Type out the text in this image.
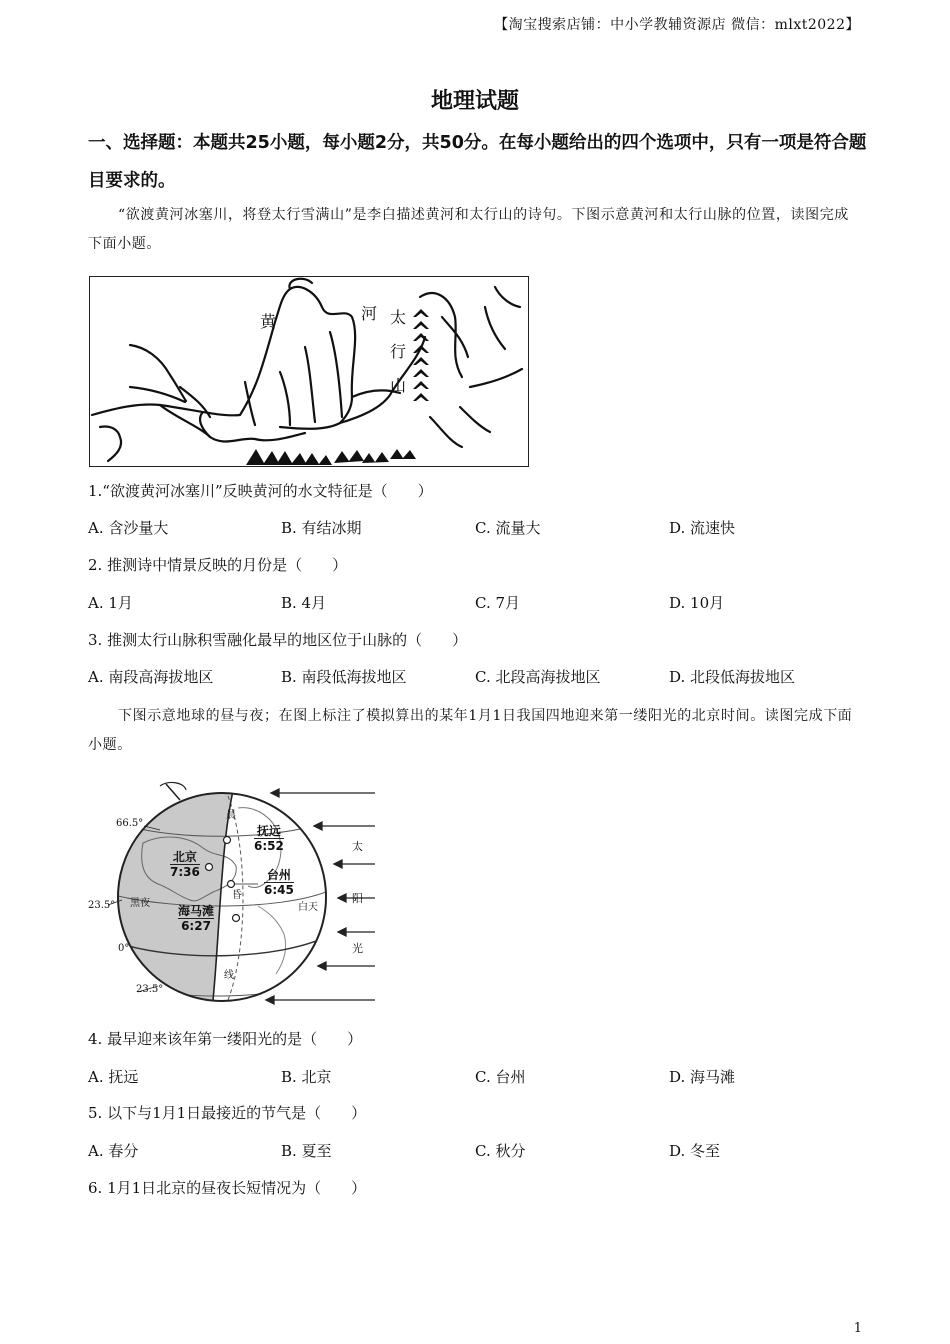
【淘宝搜索店铺：中小学教辅资源店 微信：mlxt2022】
地理试题
一、选择题：本题共25小题，每小题2分，共50分。在每小题给出的四个选项中，只有一项是符合题目要求的。
“欲渡黄河冰塞川，将登太行雪满山”是李白描述黄河和太行山的诗句。下图示意黄河和太行山脉的位置，读图完成下面小题。
黄	河 太
行
山
1.“欲渡黄河冰塞川”反映黄河的水文特征是（　　）
A. 含沙量大	B. 有结冰期	C. 流量大	D. 流速快
2. 推测诗中情景反映的月份是（　　）
A. 1月	B. 4月	C. 7月	D. 10月
3. 推测太行山脉积雪融化最早的地区位于山脉的（　　）
A. 南段高海拔地区	B. 南段低海拔地区	C. 北段高海拔地区	D. 北段低海拔地区
下图示意地球的昼与夜；在图上标注了模拟算出的某年1月1日我国四地迎来第一缕阳光的北京时间。读图完成下面小题。
66.5°
23.5°
0°
23.5°
黑夜	白天
晨
昏
线
抚远
6:52
北京
7:36	台州
6:45
海马滩
6:27
太
阳
光
4. 最早迎来该年第一缕阳光的是（　　）
A. 抚远	B. 北京	C. 台州	D. 海马滩
5. 以下与1月1日最接近的节气是（　　）
A. 春分	B. 夏至	C. 秋分	D. 冬至
6. 1月1日北京的昼夜长短情况为（　　）
1
